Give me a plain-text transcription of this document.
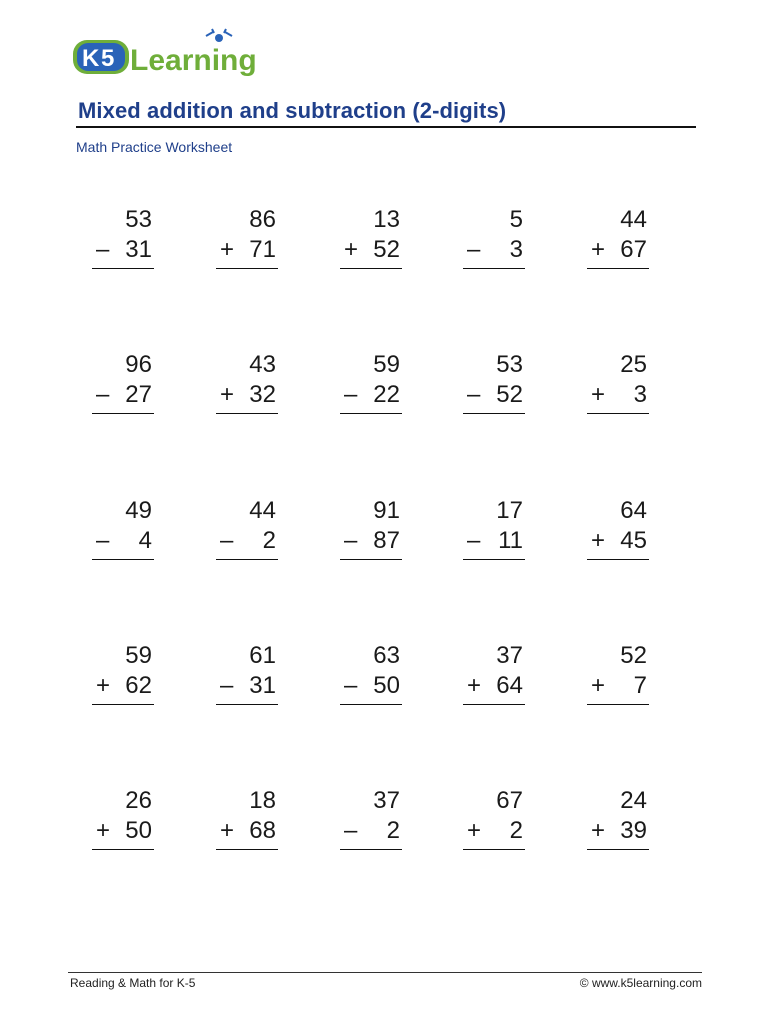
K 5 Learning
Mixed addition and subtraction (2-digits)
Math Practice Worksheet
53
– 31
86
+ 71
13
+ 52
5
– 3
44
+ 67
96
– 27
43
+ 32
59
– 22
53
– 52
25
+ 3
49
– 4
44
– 2
91
– 87
17
– 11
64
+ 45
59
+ 62
61
– 31
63
– 50
37
+ 64
52
+ 7
26
+ 50
18
+ 68
37
– 2
67
+ 2
24
+ 39
Reading & Math for K-5	© www.k5learning.com
